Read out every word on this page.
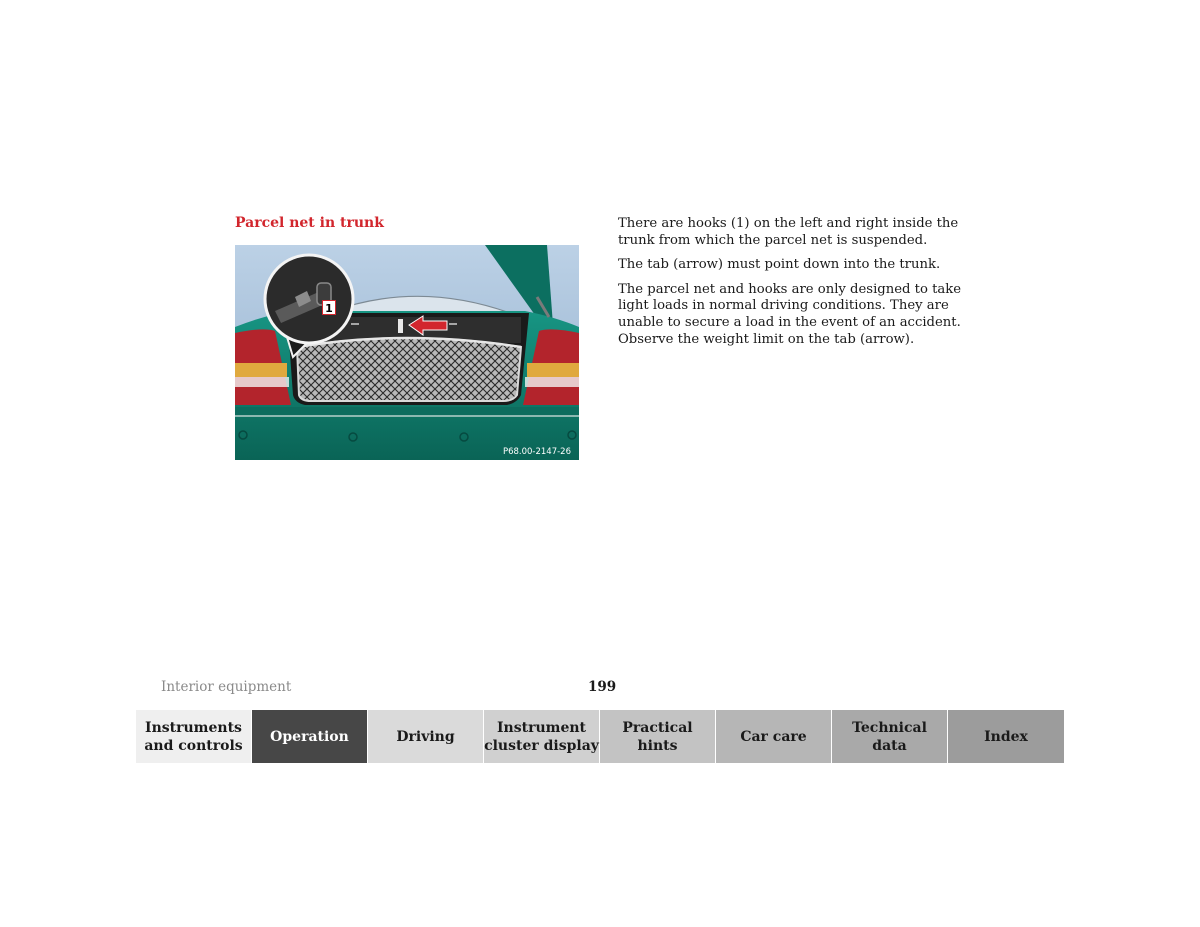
Parcel net in trunk
P68.00-2147-26
1

There are hooks (1) on the left and right inside the trunk from which the parcel net is suspended.

The tab (arrow) must point down into the trunk.

The parcel net and hooks are only designed to take light loads in normal driving conditions. They are unable to secure a load in the event of an accident. Observe the weight limit on the tab (arrow).

Interior equipment	199
Instruments
and controls
Operation	Driving
Instrument
cluster display
Practical hints
Car care
Technical
data
Index
